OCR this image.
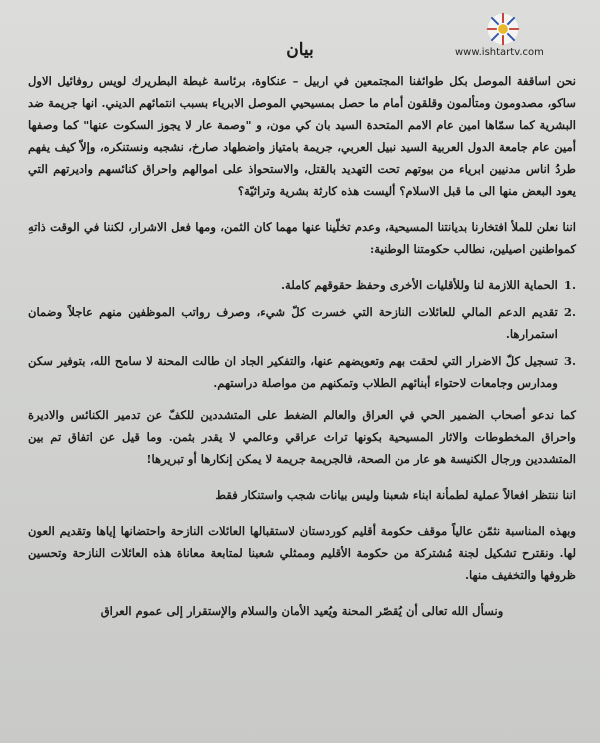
www.ishtartv.com
بيان

نحن اساقفة الموصل بكل طوائفنا المجتمعين في اربيل – عنكاوة، برئاسة غبطة البطريرك لويس روفائيل الاول ساكو، مصدومون ومتألمون وقلقون أمام ما حصل بمسيحيي الموصل الابرياء بسبب انتمائهم الديني. انها جريمة ضد البشرية كما سمّاها امين عام الامم المتحدة السيد بان كي مون، و "وصمة عار لا يجوز السكوت عنها" كما وصفها أمين عام جامعة الدول العربية السيد نبيل العربي، جريمة بامتياز واضطهاد صارخ، نشجبه ونستنكره، وإلاّ كيف يفهم طردُ اناس مدنيين ابرياء من بيوتهم تحت التهديد بالقتل، والاستحواذ على اموالهم واحراق كنائسهم واديرتهم التي يعود البعض منها الى ما قبل الاسلام؟ أليست هذه كارثة بشرية وتراثيّة؟

اننا نعلن للملأ افتخارنا بديانتنا المسيحية، وعدم تخلّينا عنها مهما كان الثمن، ومها فعل الاشرار، لكننا في الوقت ذاتهِ كمواطنين اصيلين، نطالب حكومتنا الوطنية:

.1
الحماية اللازمة لنا وللأقليات الأخرى وحفظ حقوقهم كاملة.
.2
تقديم الدعم المالي للعائلات النازحة التي خسرت كلّ شيء، وصرف رواتب الموظفين منهم عاجلاً وضمان استمرارها.
.3
تسجيل كلّ الاضرار التي لحقت بهم وتعويضهم عنها، والتفكير الجاد ان طالت المحنة لا سامح الله، بتوفير سكن ومدارس وجامعات لاحتواء أبنائهم الطلاب وتمكنهم من مواصلة دراستهم.

كما ندعو أصحاب الضمير الحي في العراق والعالم الضغط على المتشددين للكفّ عن تدمير الكنائس والاديرة واحراق المخطوطات والاثار المسيحية بكونها تراث عراقي وعالمي لا يقدر بثمن. وما قيل عن اتفاق تم بين المتشددين ورجال الكنيسة هو عار من الصحة، فالجريمة جريمة لا يمكن إنكارها أو تبريرها!

اننا ننتظر افعالاً عملية لطمأنة ابناء شعبنا وليس بيانات شجب واستنكار فقط

وبهذه المناسبة نثمّن عالياً موقف حكومة أقليم كوردستان لاستقبالها العائلات النازحة واحتضانها إياها وتقديم العون لها. ونقترح تشكيل لجنة مُشتركة من حكومة الأقليم وممثلي شعبنا لمتابعة معاناة هذه العائلات النازحة وتحسين ظروفها والتخفيف منها.

ونسأل الله تعالى أن يُقصّر المحنة ويُعيد الأمان والسلام والإستقرار إلى عموم العراق
